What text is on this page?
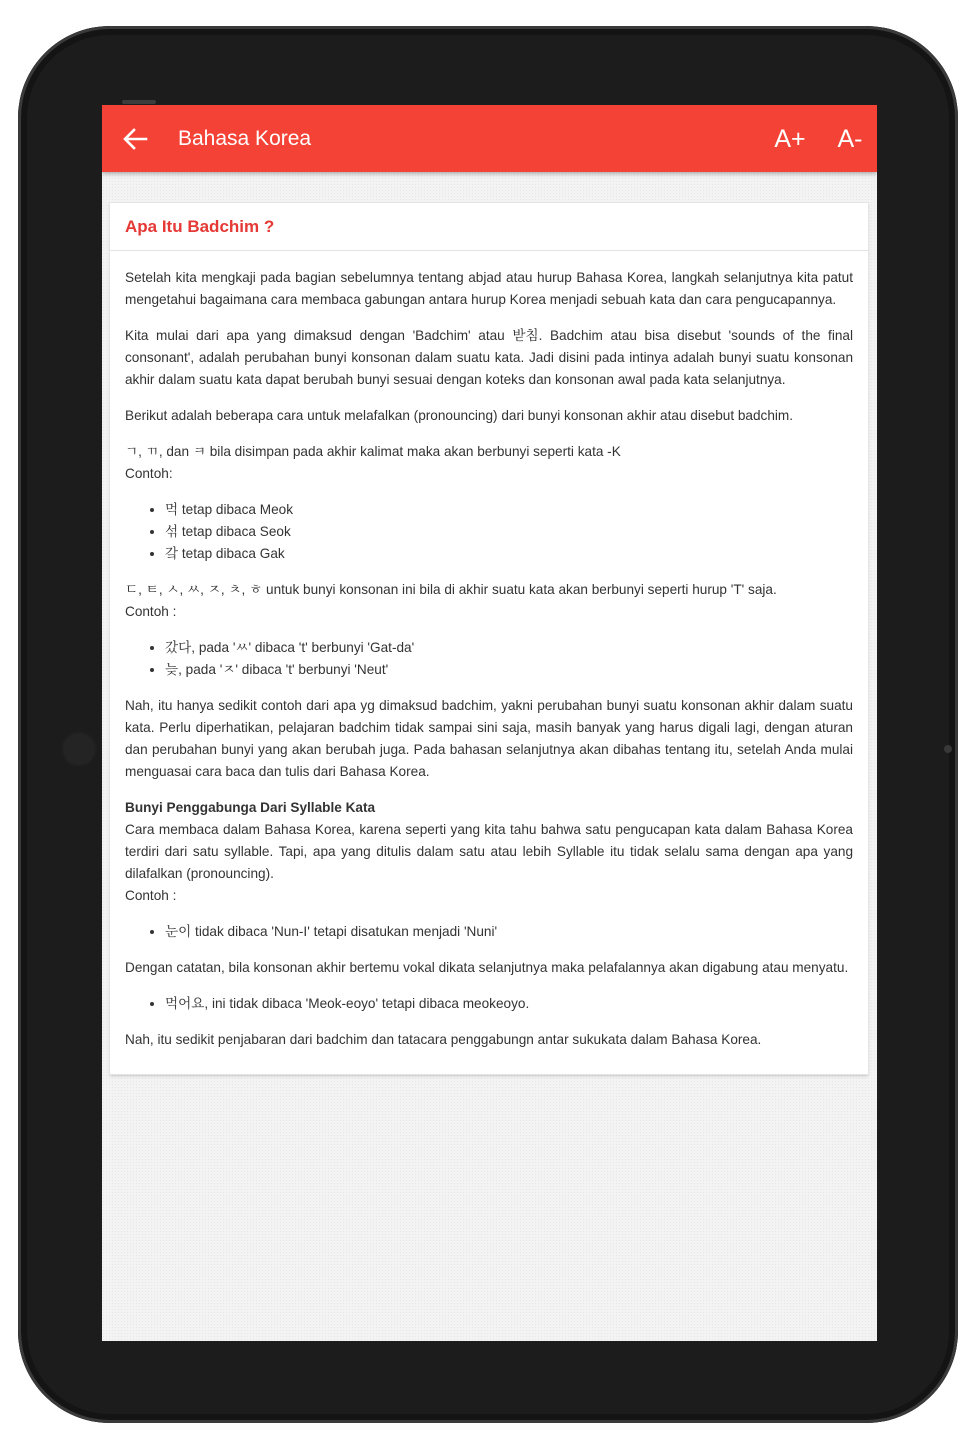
Bahasa Korea	A+	A-
Apa Itu Badchim ?

Setelah kita mengkaji pada bagian sebelumnya tentang abjad atau hurup Bahasa Korea, langkah selanjutnya kita patut mengetahui bagaimana cara membaca gabungan antara hurup Korea menjadi sebuah kata dan cara pengucapannya.

Kita mulai dari apa yang dimaksud dengan 'Badchim' atau 받침. Badchim atau bisa disebut 'sounds of the final consonant', adalah perubahan bunyi konsonan dalam suatu kata. Jadi disini pada intinya adalah bunyi suatu konsonan akhir dalam suatu kata dapat berubah bunyi sesuai dengan koteks dan konsonan awal pada kata selanjutnya.

Berikut adalah beberapa cara untuk melafalkan (pronouncing) dari bunyi konsonan akhir atau disebut badchim.

ㄱ, ㄲ, dan ㅋ bila disimpan pada akhir kalimat maka akan berbunyi seperti kata -K
Contoh:

• 먹 tetap dibaca Meok
• 섞 tetap dibaca Seok
• 갘 tetap dibaca Gak

ㄷ, ㅌ, ㅅ, ㅆ, ㅈ, ㅊ, ㅎ untuk bunyi konsonan ini bila di akhir suatu kata akan berbunyi seperti hurup 'T' saja.
Contoh :

• 갔다, pada 'ㅆ' dibaca 't' berbunyi 'Gat-da'
• 늦, pada 'ㅈ' dibaca 't' berbunyi 'Neut'

Nah, itu hanya sedikit contoh dari apa yg dimaksud badchim, yakni perubahan bunyi suatu konsonan akhir dalam suatu kata. Perlu diperhatikan, pelajaran badchim tidak sampai sini saja, masih banyak yang harus digali lagi, dengan aturan dan perubahan bunyi yang akan berubah juga. Pada bahasan selanjutnya akan dibahas tentang itu, setelah Anda mulai menguasai cara baca dan tulis dari Bahasa Korea.

Bunyi Penggabunga Dari Syllable Kata
Cara membaca dalam Bahasa Korea, karena seperti yang kita tahu bahwa satu pengucapan kata dalam Bahasa Korea terdiri dari satu syllable. Tapi, apa yang ditulis dalam satu atau lebih Syllable itu tidak selalu sama dengan apa yang dilafalkan (pronouncing).
Contoh :

• 눈이 tidak dibaca 'Nun-I' tetapi disatukan menjadi 'Nuni'

Dengan catatan, bila konsonan akhir bertemu vokal dikata selanjutnya maka pelafalannya akan digabung atau menyatu.

• 먹어요, ini tidak dibaca 'Meok-eoyo' tetapi dibaca meokeoyo.

Nah, itu sedikit penjabaran dari badchim dan tatacara penggabungn antar sukukata dalam Bahasa Korea.
